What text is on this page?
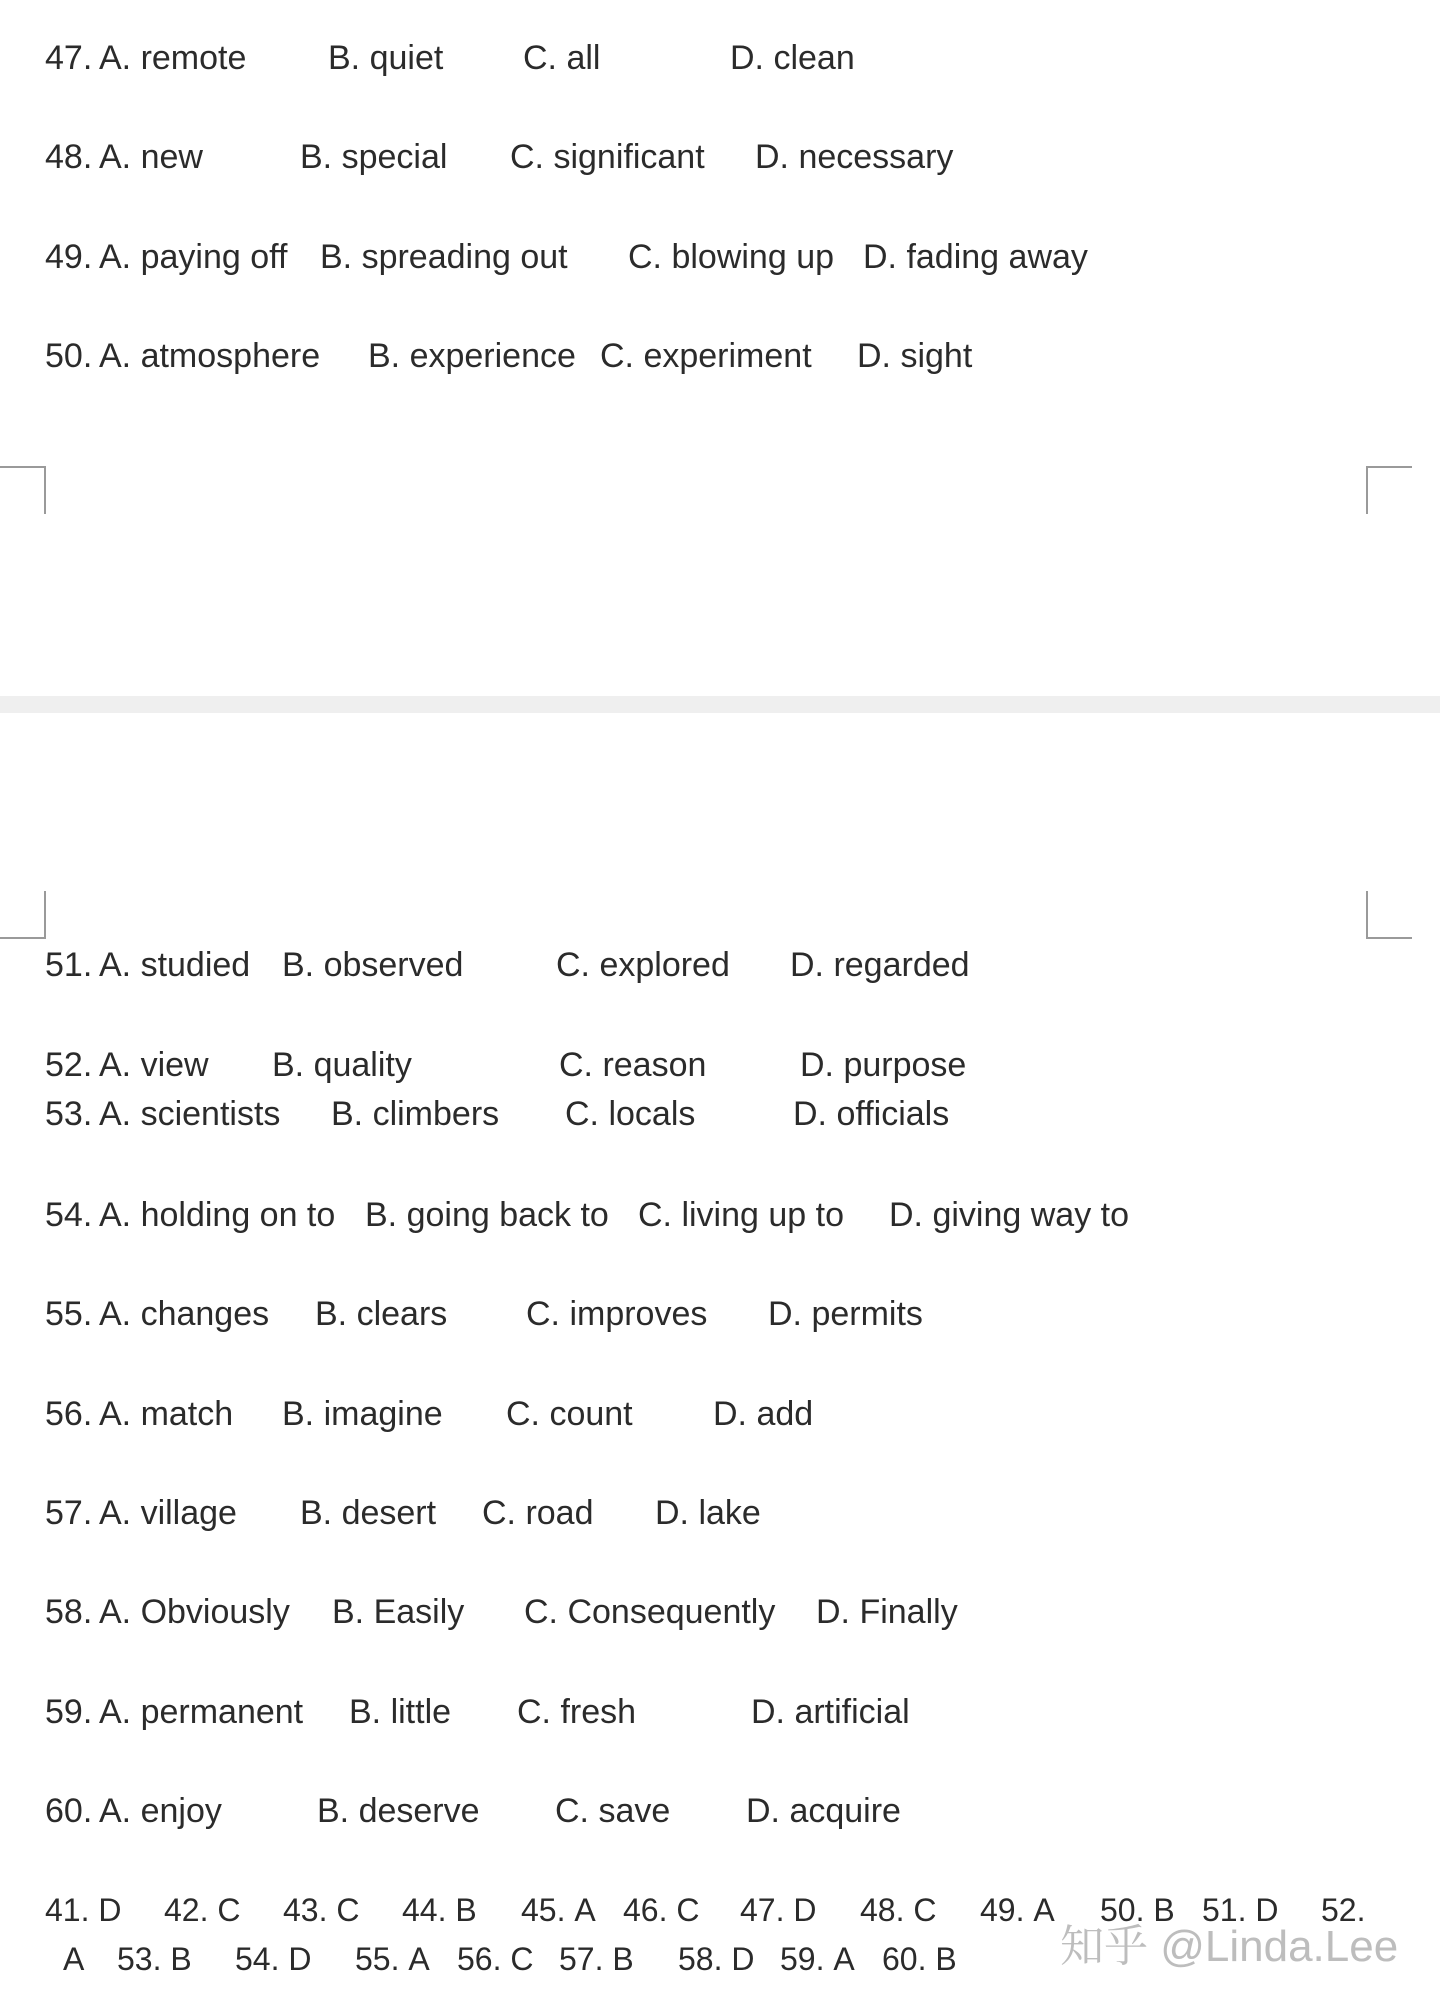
47. A. remote B. quiet C. all	D. clean
48. A. new	B. special C. significant D. necessary
49. A. paying off B. spreading out C. blowing up D. fading away
50. A. atmosphere B. experience C. experiment D. sight
51. A. studied B. observed	C. explored D. regarded
52. A. view B. quality	C. reason	D. purpose
53. A. scientists B. climbers C. locals	D. officials
54. A. holding on to B. going back to C. living up to D. giving way to
55. A. changes B. clears C. improves D. permits
56. A. match B. imagine C. count D. add
57. A. village B. desert C. road D. lake
58. A. Obviously B. Easily C. Consequently D. Finally
59. A. permanent B. little C. fresh	D. artificial
60. A. enjoy	B. deserve C. save D. acquire
41. D 42. C 43. C 44. B 45. A 46. C 47. D 48. C 49. A 50. B 51. D 52.
A 53. B 54. D 55. A 56. C 57. B 58. D 59. A 60. B 知乎 @Linda.Lee
